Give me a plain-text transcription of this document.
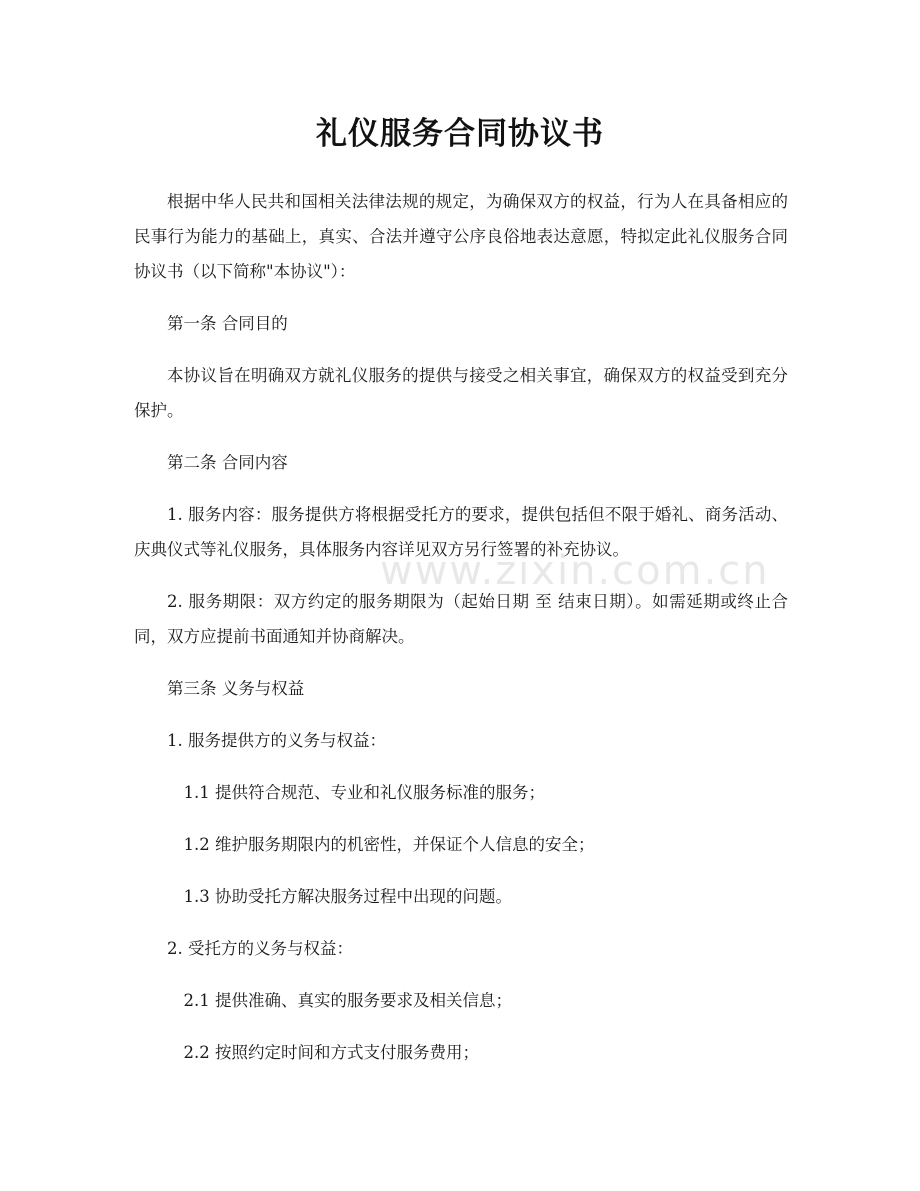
礼仪服务合同协议书

根据中华人民共和国相关法律法规的规定，为确保双方的权益，行为人在具备相应的民事行为能力的基础上，真实、合法并遵守公序良俗地表达意愿，特拟定此礼仪服务合同协议书（以下简称"本协议"）：

第一条 合同目的

本协议旨在明确双方就礼仪服务的提供与接受之相关事宜，确保双方的权益受到充分保护。

第二条 合同内容

1. 服务内容：服务提供方将根据受托方的要求，提供包括但不限于婚礼、商务活动、庆典仪式等礼仪服务，具体服务内容详见双方另行签署的补充协议。

2. 服务期限：双方约定的服务期限为（起始日期 至 结束日期）。如需延期或终止合同，双方应提前书面通知并协商解决。

第三条 义务与权益

1. 服务提供方的义务与权益：

1.1 提供符合规范、专业和礼仪服务标准的服务；

1.2 维护服务期限内的机密性，并保证个人信息的安全；

1.3 协助受托方解决服务过程中出现的问题。

2. 受托方的义务与权益：

2.1 提供准确、真实的服务要求及相关信息；

2.2 按照约定时间和方式支付服务费用；

www.zixin.com.cn
